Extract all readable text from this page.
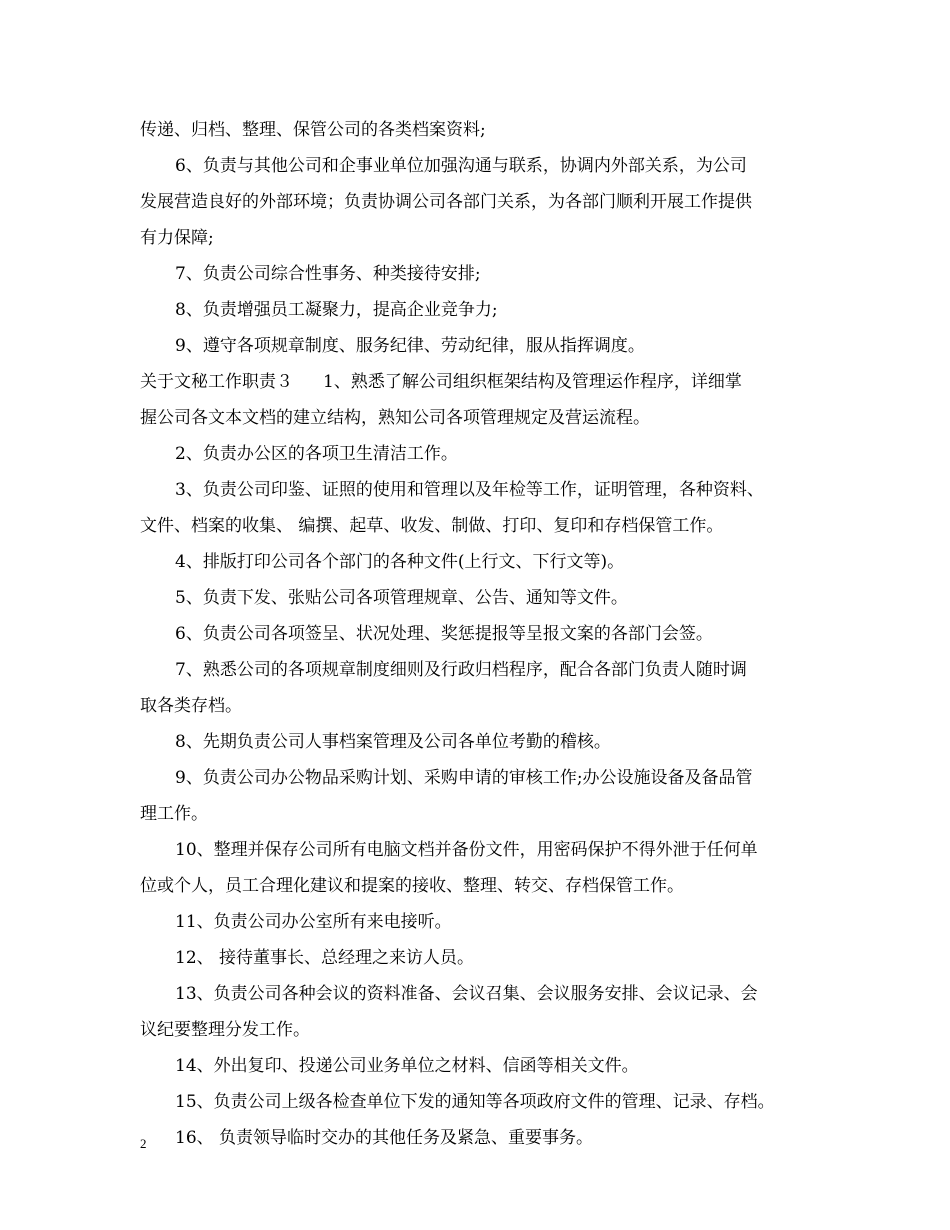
传递、归档、整理、保管公司的各类档案资料;
6、负责与其他公司和企事业单位加强沟通与联系，协调内外部关系，为公司
发展营造良好的外部环境；负责协调公司各部门关系，为各部门顺利开展工作提供
有力保障;
7、负责公司综合性事务、种类接待安排;
8、负责增强员工凝聚力，提高企业竞争力;
9、遵守各项规章制度、服务纪律、劳动纪律，服从指挥调度。
关于文秘工作职责３ 1、熟悉了解公司组织框架结构及管理运作程序，详细掌
握公司各文本文档的建立结构，熟知公司各项管理规定及营运流程。
2、负责办公区的各项卫生清洁工作。
3、负责公司印鉴、证照的使用和管理以及年检等工作，证明管理，各种资料、
文件、档案的收集、 编撰、起草、收发、制做、打印、复印和存档保管工作。
4、排版打印公司各个部门的各种文件(上行文、下行文等)。
5、负责下发、张贴公司各项管理规章、公告、通知等文件。
6、负责公司各项签呈、状况处理、奖惩提报等呈报文案的各部门会签。
7、熟悉公司的各项规章制度细则及行政归档程序，配合各部门负责人随时调
取各类存档。
8、先期负责公司人事档案管理及公司各单位考勤的稽核。
9、负责公司办公物品采购计划、采购申请的审核工作;办公设施设备及备品管
理工作。
10、整理并保存公司所有电脑文档并备份文件，用密码保护不得外泄于任何单
位或个人，员工合理化建议和提案的接收、整理、转交、存档保管工作。
11、负责公司办公室所有来电接听。
12、 接待董事长、总经理之来访人员。
13、负责公司各种会议的资料准备、会议召集、会议服务安排、会议记录、会
议纪要整理分发工作。
14、外出复印、投递公司业务单位之材料、信函等相关文件。
15、负责公司上级各检查单位下发的通知等各项政府文件的管理、记录、存档。
16、 负责领导临时交办的其他任务及紧急、重要事务。
2
